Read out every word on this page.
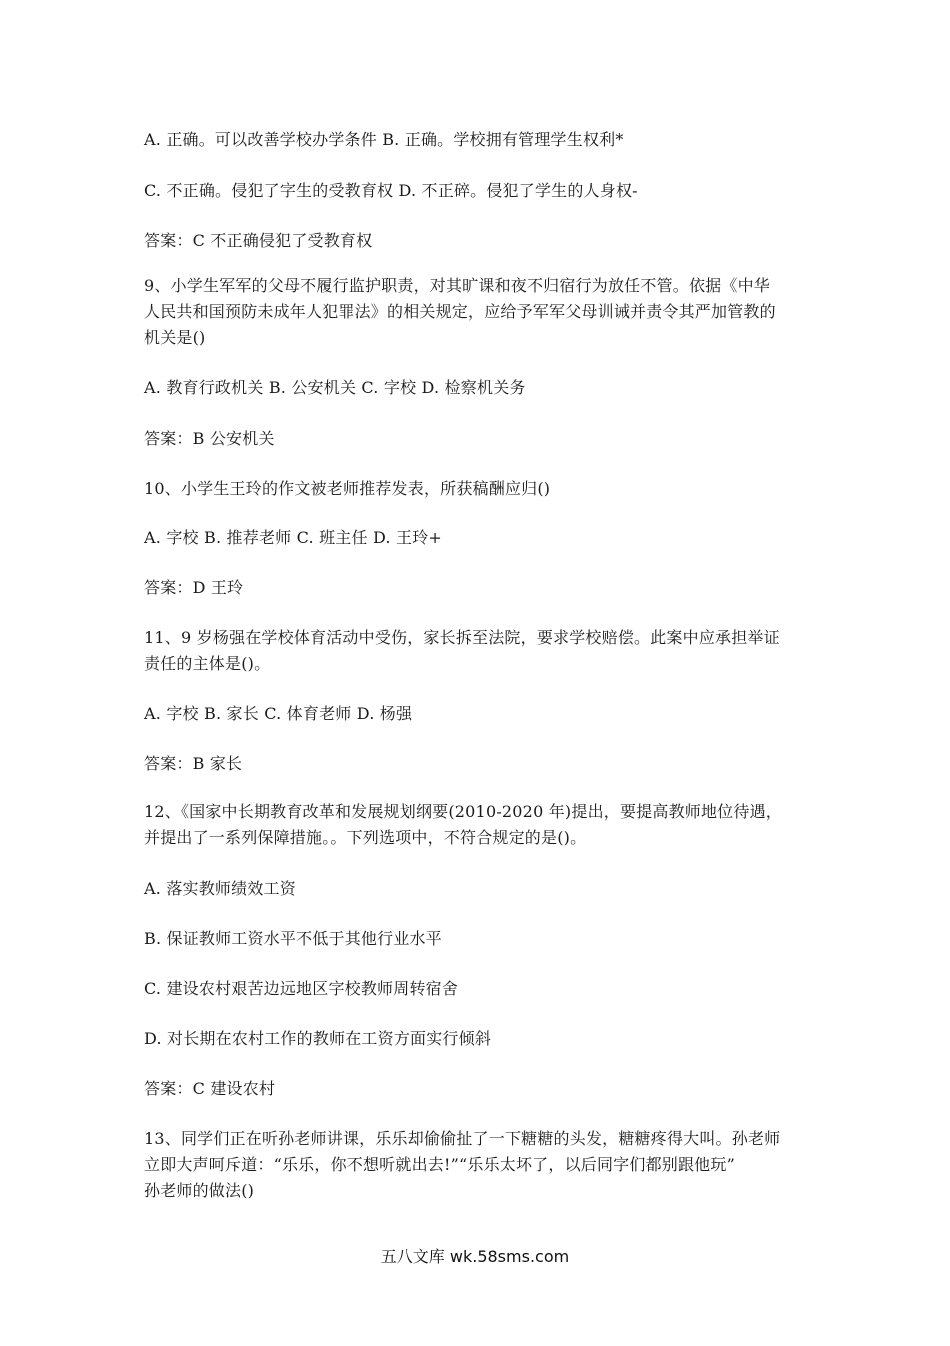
A. 正确。可以改善学校办学条件 B. 正确。学校拥有管理学生权利*
C. 不正确。侵犯了字生的受教育权 D. 不正碎。侵犯了学生的人身权-
答案：C 不正确侵犯了受教育权
9、小学生军军的父母不履行监护职责，对其旷课和夜不归宿行为放任不管。依据《中华
人民共和国预防未成年人犯罪法》的相关规定，应给予军军父母训诫并责令其严加管教的
机关是()
A. 教育行政机关 B. 公安机关 C. 字校 D. 检察机关务
答案：B 公安机关
10、小学生王玲的作文被老师推荐发表，所获稿酬应归()
A. 字校 B. 推荐老师 C. 班主任 D. 王玲+
答案：D 王玲
11、9 岁杨强在学校体育活动中受伤，家长拆至法院，要求学校赔偿。此案中应承担举证
责任的主体是()。
A. 字校 B. 家长 C. 体育老师 D. 杨强
答案：B 家长
12、《国家中长期教育改革和发展规划纲要(2010-2020 年)提出，要提高教师地位待遇，
并提出了一系列保障措施。。下列选项中，不符合规定的是()。
A. 落实教师绩效工资
B. 保证教师工资水平不低于其他行业水平
C. 建设农村艰苦边远地区字校教师周转宿舍
D. 对长期在农村工作的教师在工资方面实行倾斜
答案：C 建设农村
13、同学们正在听孙老师讲课，乐乐却偷偷扯了一下糖糖的头发，糖糖疼得大叫。孙老师
立即大声呵斥道：“乐乐，你不想听就出去!”“乐乐太坏了，以后同字们都别跟他玩”
孙老师的做法()
五八文库 wk.58sms.com
